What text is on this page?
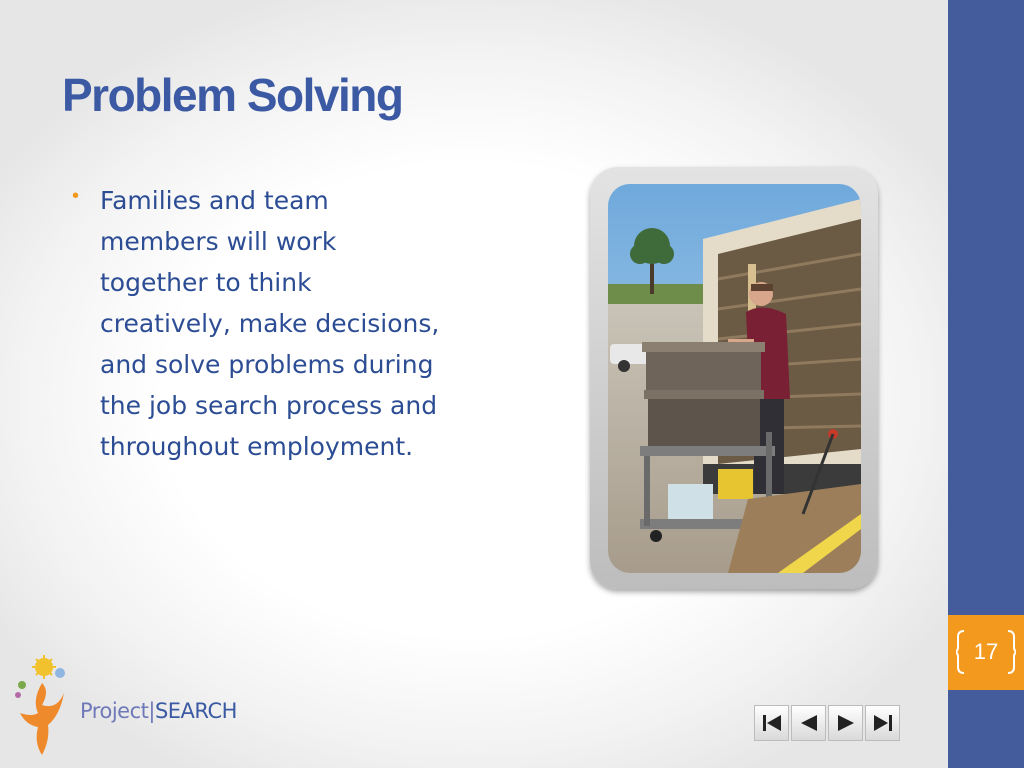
Problem Solving
• Families and team members will work together to think creatively, make decisions, and solve problems during the job search process and throughout employment.
Project|SEARCH
17
